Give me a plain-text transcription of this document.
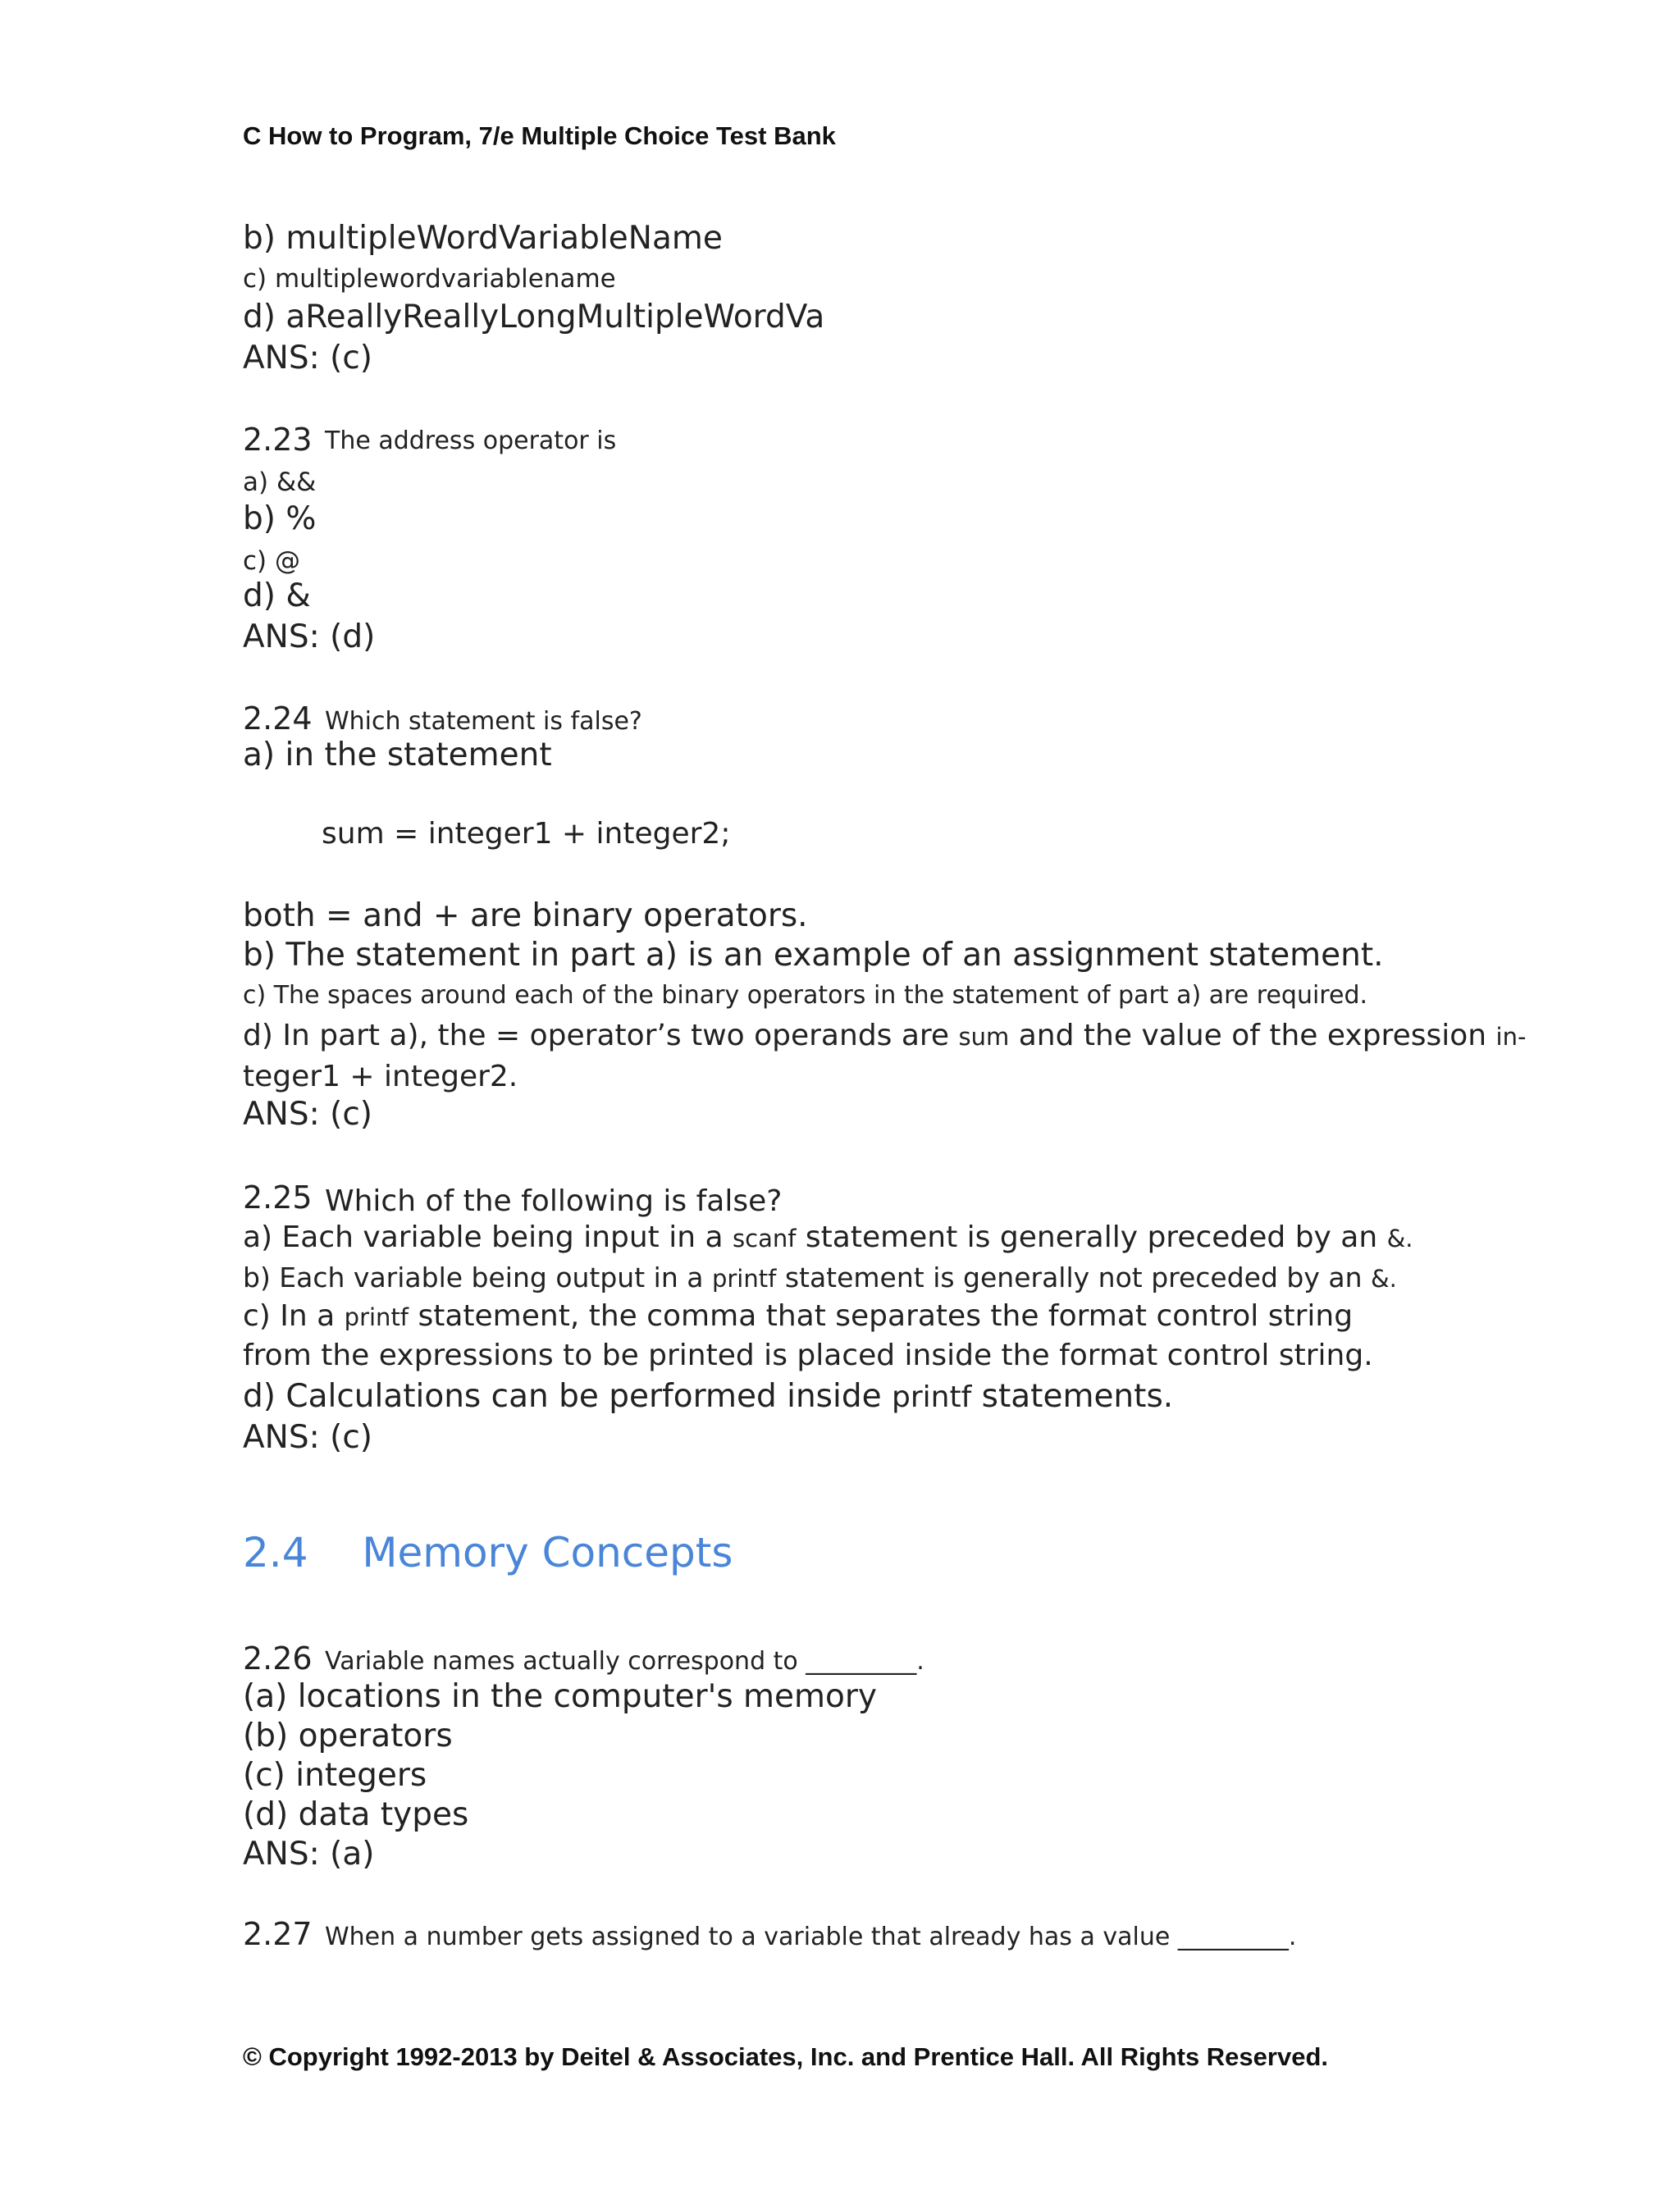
C How to Program, 7/e Multiple Choice Test Bank
b) multipleWordVariableName
c) multiplewordvariablename
d) aReallyReallyLongMultipleWordVa
ANS: (c)
2.23 The address operator is
a) &&
b) %
c) @
d) &
ANS: (d)
2.24 Which statement is false?
a) in the statement
sum = integer1 + integer2;
both = and + are binary operators.
b) The statement in part a) is an example of an assignment statement.
c) The spaces around each of the binary operators in the statement of part a) are required.
d) In part a), the = operator’s two operands are sum and the value of the expression in-
teger1 + integer2.
ANS: (c)
2.25 Which of the following is false?
a) Each variable being input in a scanf statement is generally preceded by an &.
b) Each variable being output in a printf statement is generally not preceded by an &.
c) In a printf statement, the comma that separates the format control string
from the expressions to be printed is placed inside the format control string.
d) Calculations can be performed inside printf statements.
ANS: (c)
2.4 Memory Concepts
2.26 Variable names actually correspond to _________.
(a) locations in the computer's memory
(b) operators
(c) integers
(d) data types
ANS: (a)
2.27 When a number gets assigned to a variable that already has a value _________.
© Copyright 1992-2013 by Deitel & Associates, Inc. and Prentice Hall. All Rights Reserved.
